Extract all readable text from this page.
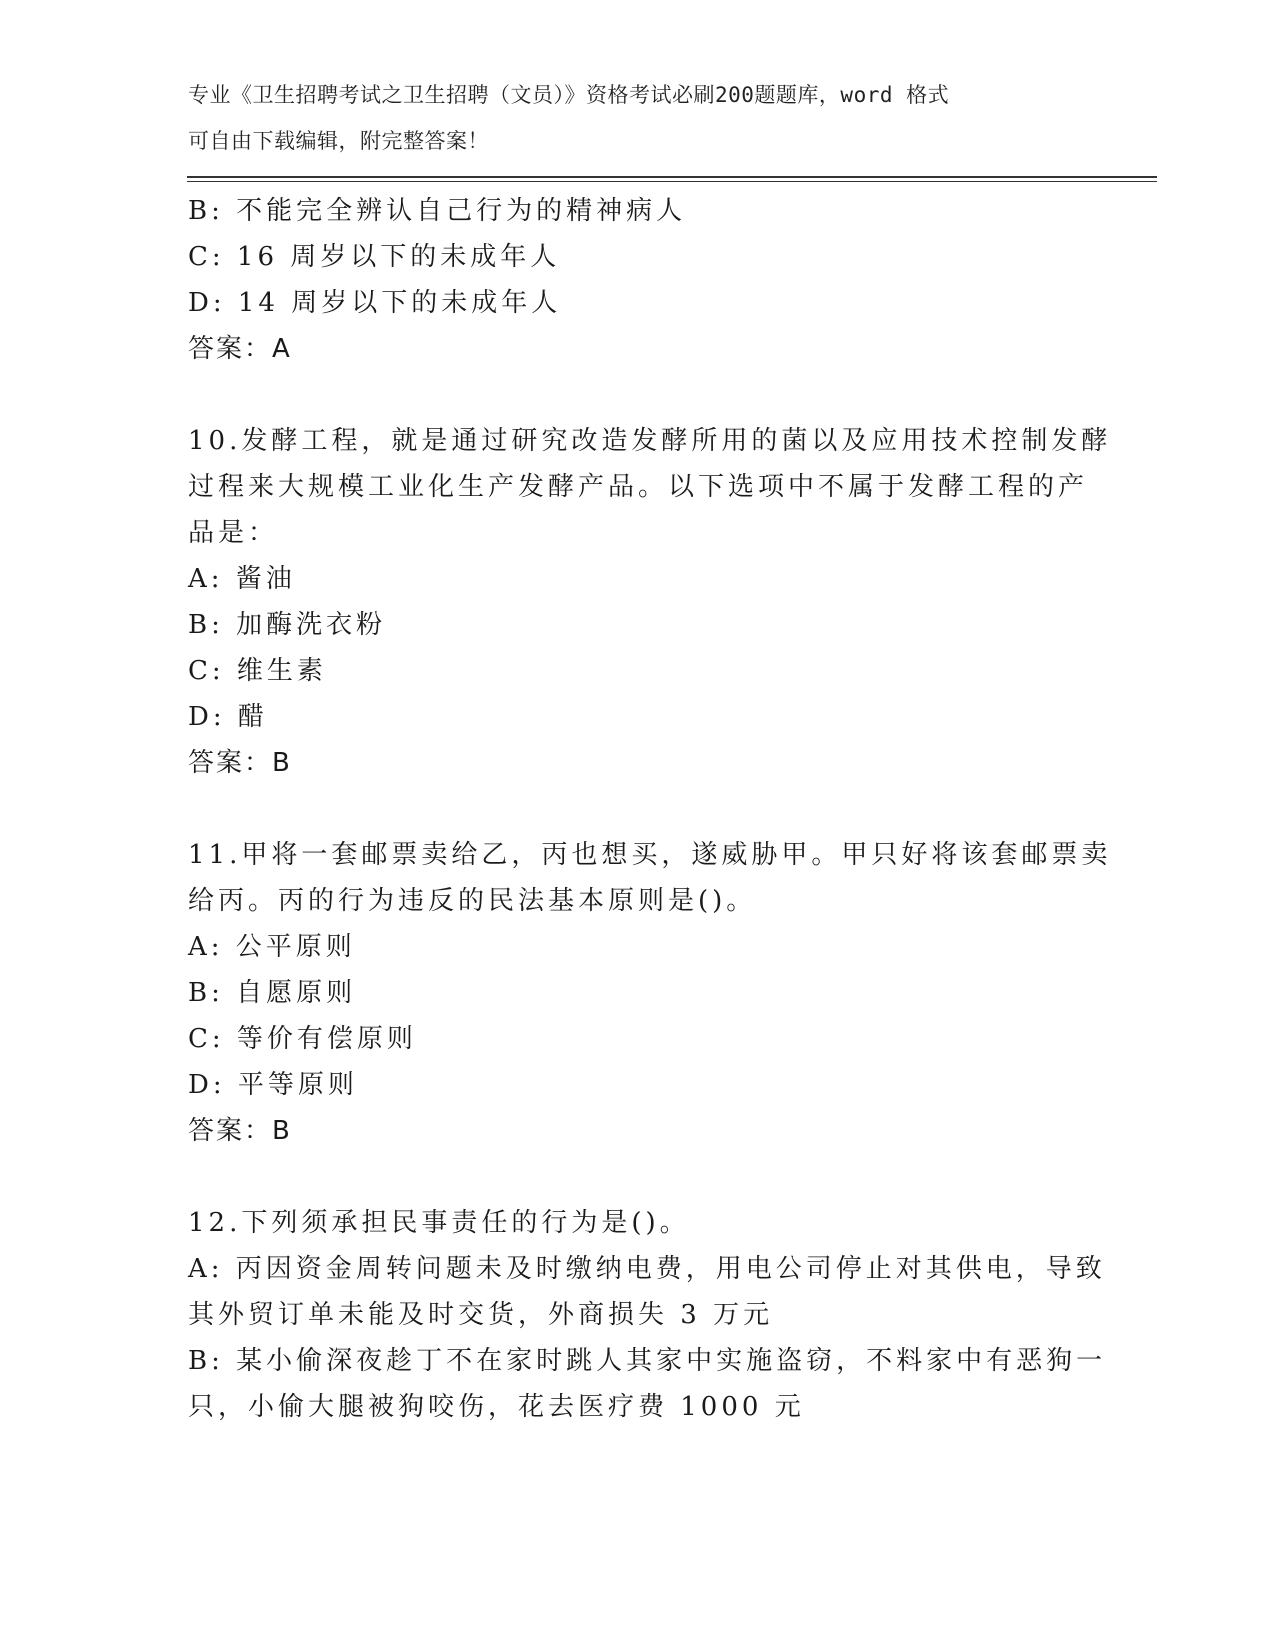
专业《卫生招聘考试之卫生招聘（文员）》资格考试必刷200题题库，word 格式
可自由下载编辑，附完整答案！
B: 不能完全辨认自己行为的精神病人
C: 16 周岁以下的未成年人
D: 14 周岁以下的未成年人
答案：A
10.发酵工程，就是通过研究改造发酵所用的菌以及应用技术控制发酵
过程来大规模工业化生产发酵产品。以下选项中不属于发酵工程的产
品是：
A: 酱油
B: 加酶洗衣粉
C: 维生素
D: 醋
答案：B
11.甲将一套邮票卖给乙，丙也想买，遂威胁甲。甲只好将该套邮票卖
给丙。丙的行为违反的民法基本原则是()。
A: 公平原则
B: 自愿原则
C: 等价有偿原则
D: 平等原则
答案：B
12.下列须承担民事责任的行为是()。
A: 丙因资金周转问题未及时缴纳电费，用电公司停止对其供电，导致
其外贸订单未能及时交货，外商损失 3 万元
B: 某小偷深夜趁丁不在家时跳人其家中实施盗窃，不料家中有恶狗一
只，小偷大腿被狗咬伤，花去医疗费 1000 元
